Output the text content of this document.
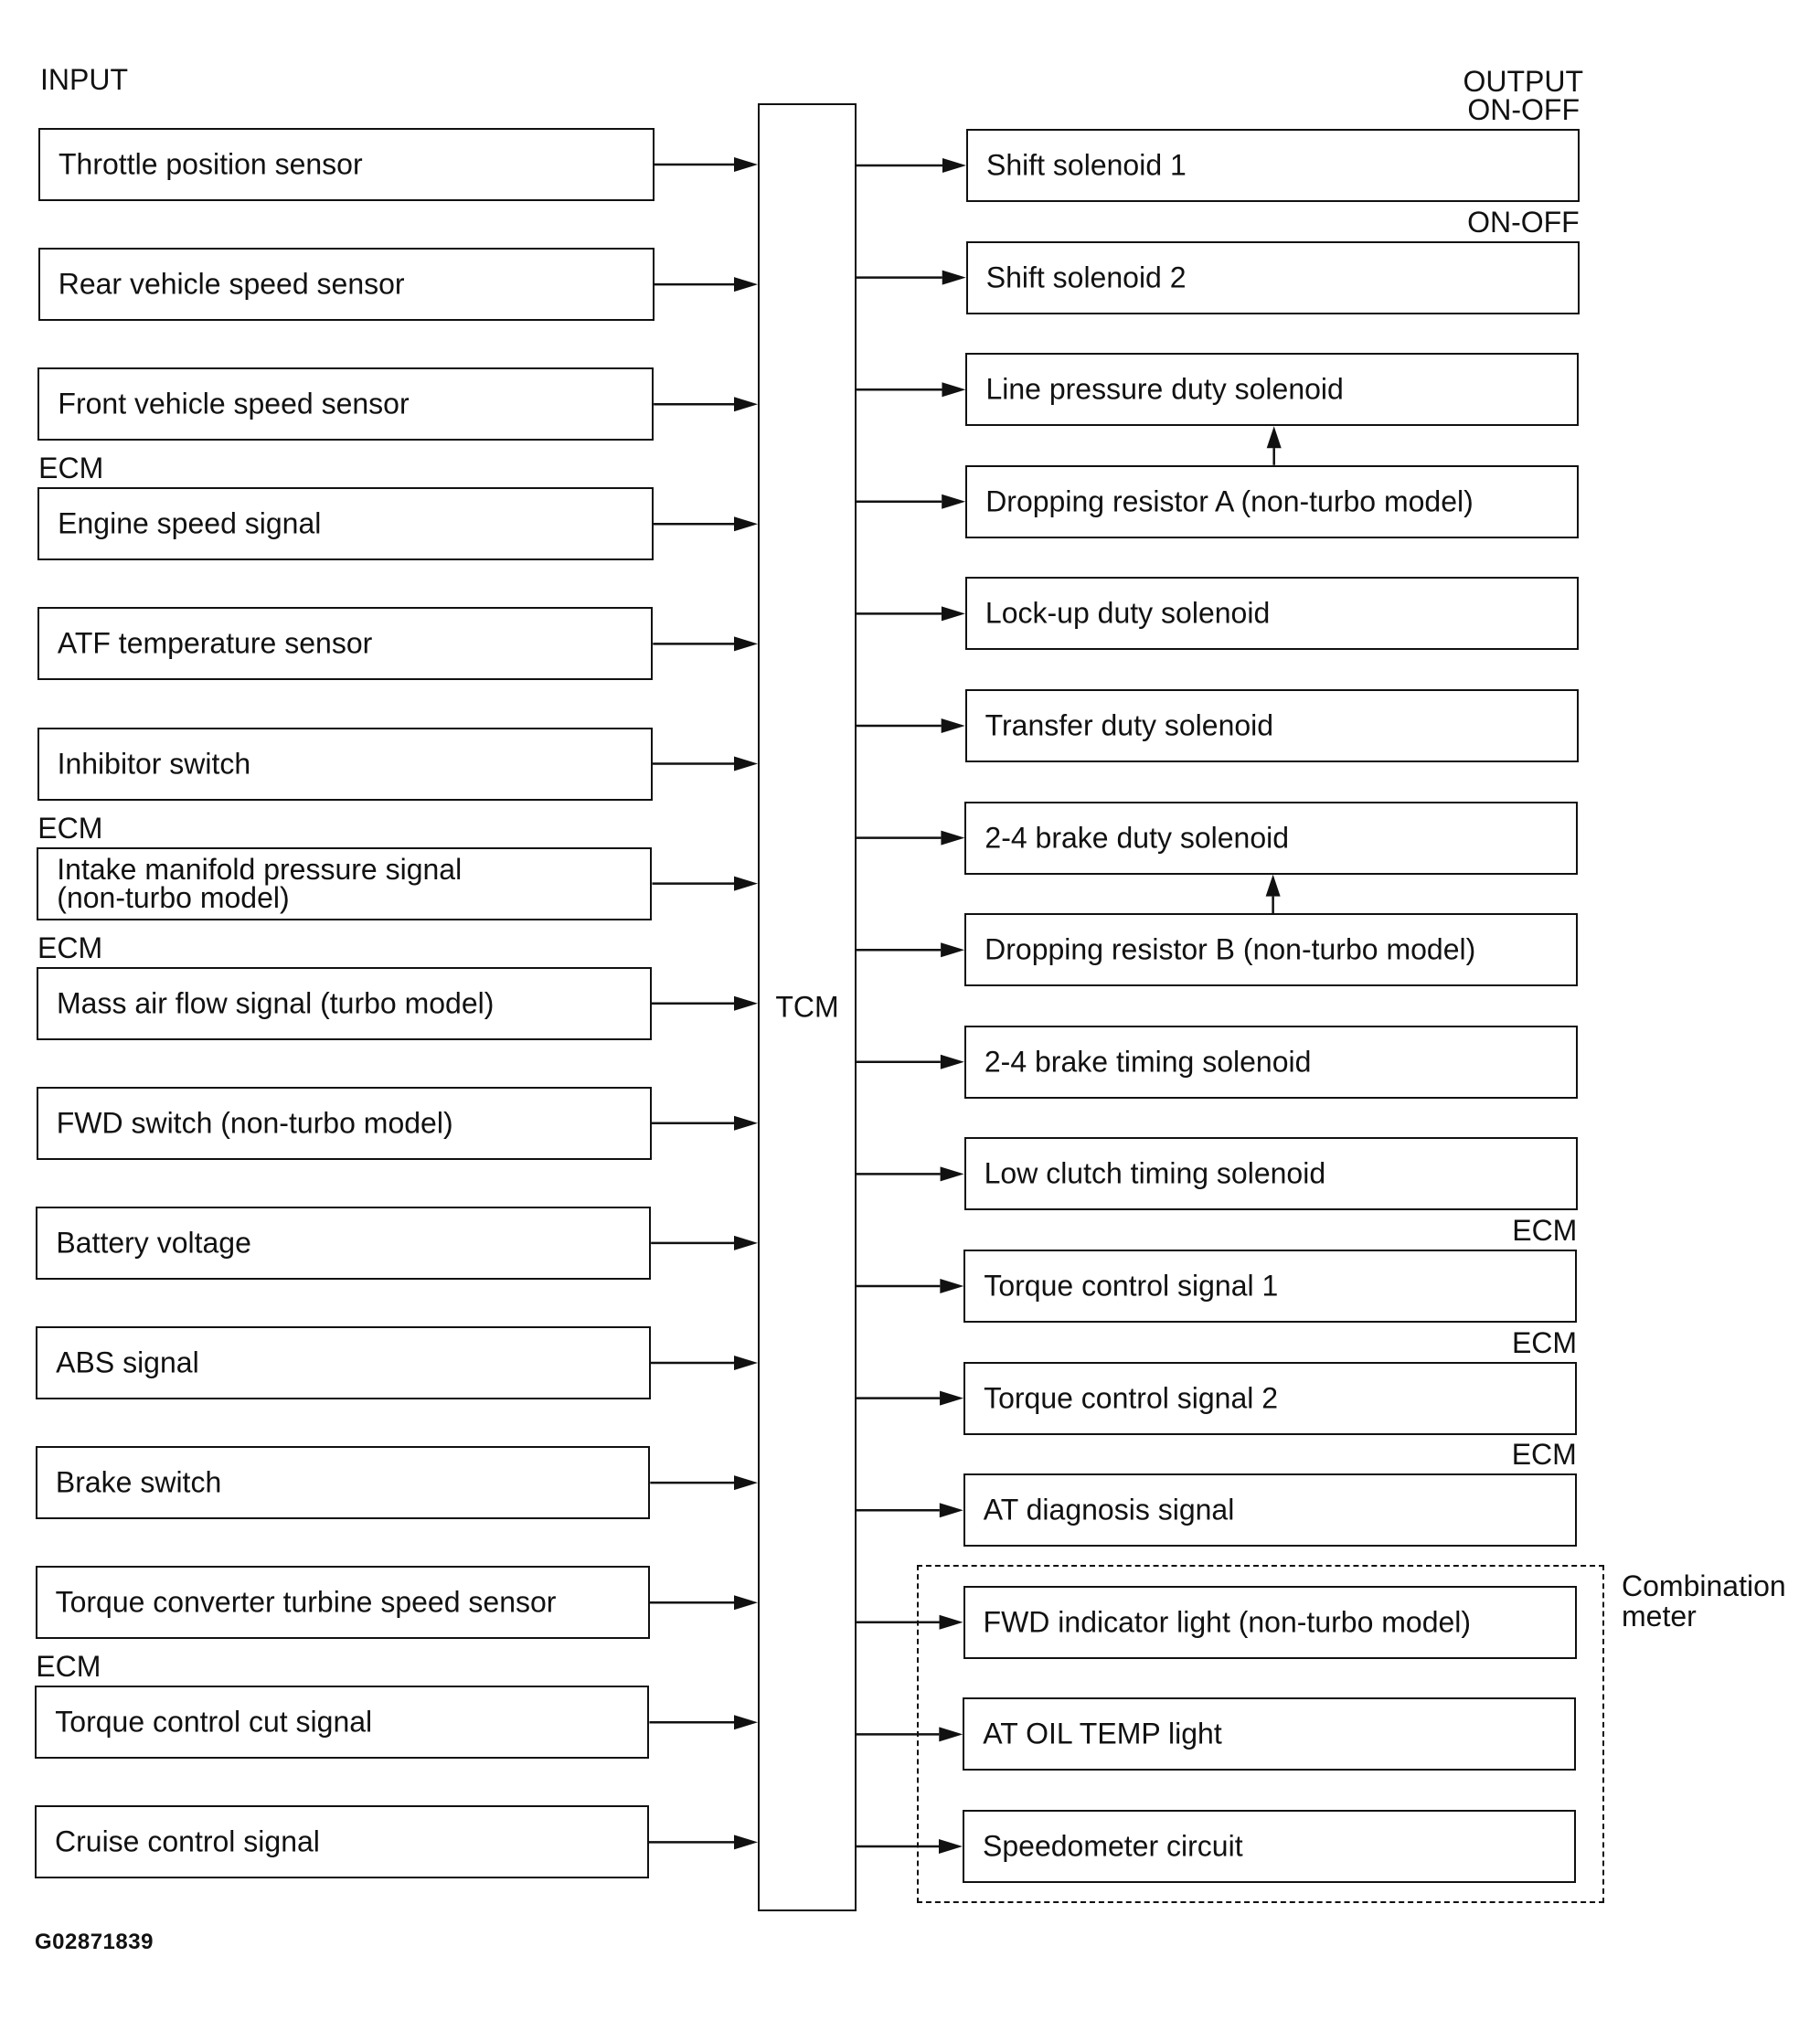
INPUT	OUTPUT
TCM
Combination
meter
Throttle position sensor
Rear vehicle speed sensor
Front vehicle speed sensor
Engine speed signal
ECM
ATF temperature sensor
Inhibitor switch
Intake manifold pressure signal
(non-turbo model)
ECM
Mass air flow signal (turbo model)
ECM
FWD switch (non-turbo model)
Battery voltage
ABS signal
Brake switch
Torque converter turbine speed sensor
Torque control cut signal
ECM
Cruise control signal
Shift solenoid 1
ON-OFF
Shift solenoid 2
ON-OFF
Line pressure duty solenoid
Dropping resistor A (non-turbo model)
Lock-up duty solenoid
Transfer duty solenoid
2-4 brake duty solenoid
Dropping resistor B (non-turbo model)
2-4 brake timing solenoid
Low clutch timing solenoid
Torque control signal 1
ECM
Torque control signal 2
ECM
AT diagnosis signal
ECM
FWD indicator light (non-turbo model)
AT OIL TEMP light
Speedometer circuit
G02871839
